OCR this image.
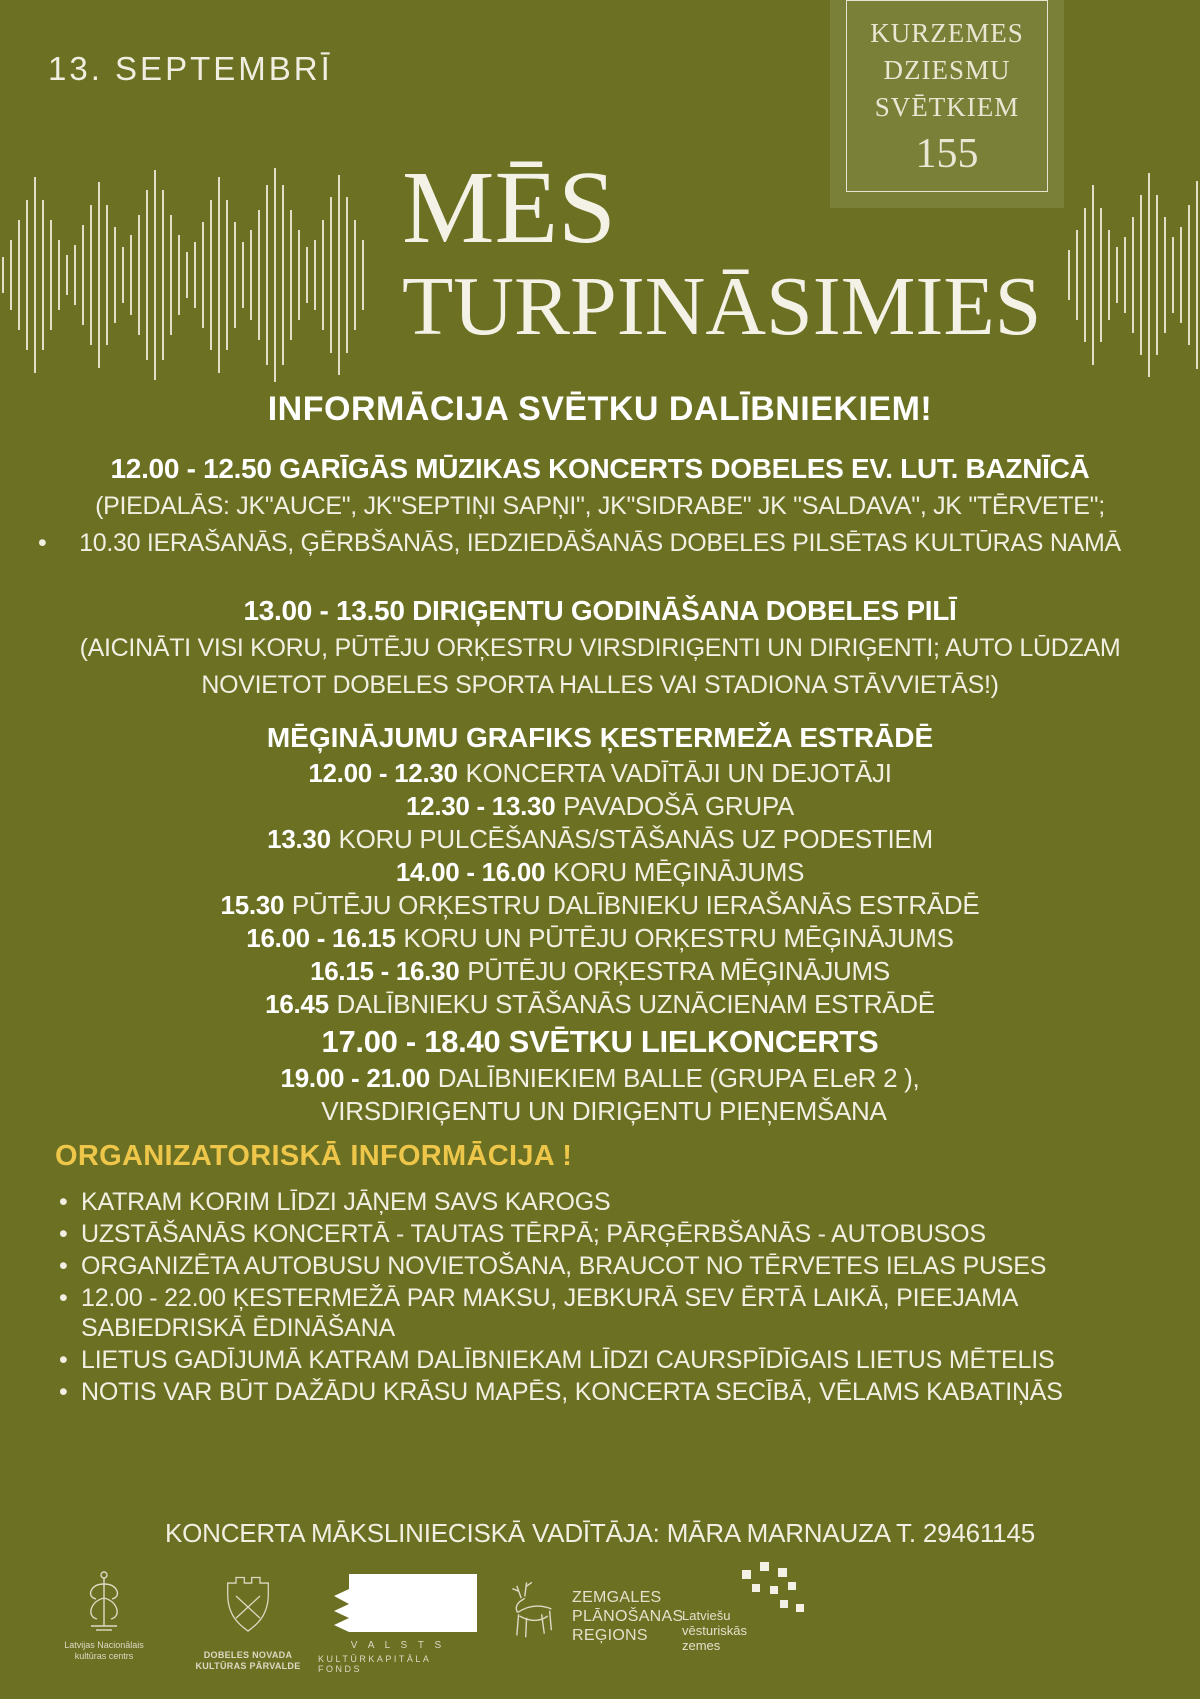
13. SEPTEMBRĪ
KURZEMES
DZIESMU
SVĒTKIEM
155
MĒS
TURPINĀSIMIES
INFORMĀCIJA SVĒTKU DALĪBNIEKIEM!
12.00 - 12.50 GARĪGĀS MŪZIKAS KONCERTS DOBELES EV. LUT. BAZNĪCĀ
(PIEDALĀS: JK"AUCE", JK"SEPTIŅI SAPŅI", JK"SIDRABE" JK "SALDAVA", JK "TĒRVETE";
• 10.30 IERAŠANĀS, ĢĒRBŠANĀS, IEDZIEDĀŠANĀS DOBELES PILSĒTAS KULTŪRAS NAMĀ
13.00 - 13.50 DIRIĢENTU GODINĀŠANA DOBELES PILĪ
(AICINĀTI VISI KORU, PŪTĒJU ORĶESTRU VIRSDIRIĢENTI UN DIRIĢENTI; AUTO LŪDZAM
NOVIETOT DOBELES SPORTA HALLES VAI STADIONA STĀVVIETĀS!)
MĒĢINĀJUMU GRAFIKS ĶESTERMEŽA ESTRĀDĒ
12.00 - 12.30 KONCERTA VADĪTĀJI UN DEJOTĀJI
12.30 - 13.30 PAVADOŠĀ GRUPA
13.30 KORU PULCĒŠANĀS/STĀŠANĀS UZ PODESTIEM
14.00 - 16.00 KORU MĒĢINĀJUMS
15.30 PŪTĒJU ORĶESTRU DALĪBNIEKU IERAŠANĀS ESTRĀDĒ
16.00 - 16.15 KORU UN PŪTĒJU ORĶESTRU MĒĢINĀJUMS
16.15 - 16.30 PŪTĒJU ORĶESTRA MĒĢINĀJUMS
16.45 DALĪBNIEKU STĀŠANĀS UZNĀCIENAM ESTRĀDĒ
17.00 - 18.40 SVĒTKU LIELKONCERTS
19.00 - 21.00 DALĪBNIEKIEM BALLE (GRUPA ELeR 2 ),
VIRSDIRIĢENTU UN DIRIĢENTU PIEŅEMŠANA
ORGANIZATORISKĀ INFORMĀCIJA !
• KATRAM KORIM LĪDZI JĀŅEM SAVS KAROGS
• UZSTĀŠANĀS KONCERTĀ - TAUTAS TĒRPĀ; PĀRĢĒRBŠANĀS - AUTOBUSOS
• ORGANIZĒTA AUTOBUSU NOVIETOŠANA, BRAUCOT NO TĒRVETES IELAS PUSES
• 12.00 - 22.00 ĶESTERMEŽĀ PAR MAKSU, JEBKURĀ SEV ĒRTĀ LAIKĀ, PIEEJAMA SABIEDRISKĀ ĒDINĀŠANA
• LIETUS GADĪJUMĀ KATRAM DALĪBNIEKAM LĪDZI CAURSPĪDĪGAIS LIETUS MĒTELIS
• NOTIS VAR BŪT DAŽĀDU KRĀSU MAPĒS, KONCERTA SECĪBĀ, VĒLAMS KABATIŅĀS
KONCERTA MĀKSLINIECISKĀ VADĪTĀJA: MĀRA MARNAUZA T. 29461145
Latvijas Nacionālais
kultūras centrs	DOBELES NOVADA
KULTŪRAS PĀRVALDE
V A L S T S
KULTŪRKAPITĀLA FONDS
ZEMGALES
PLĀNOŠANAS
REĢIONS
Latviešu
vēsturiskās
zemes
